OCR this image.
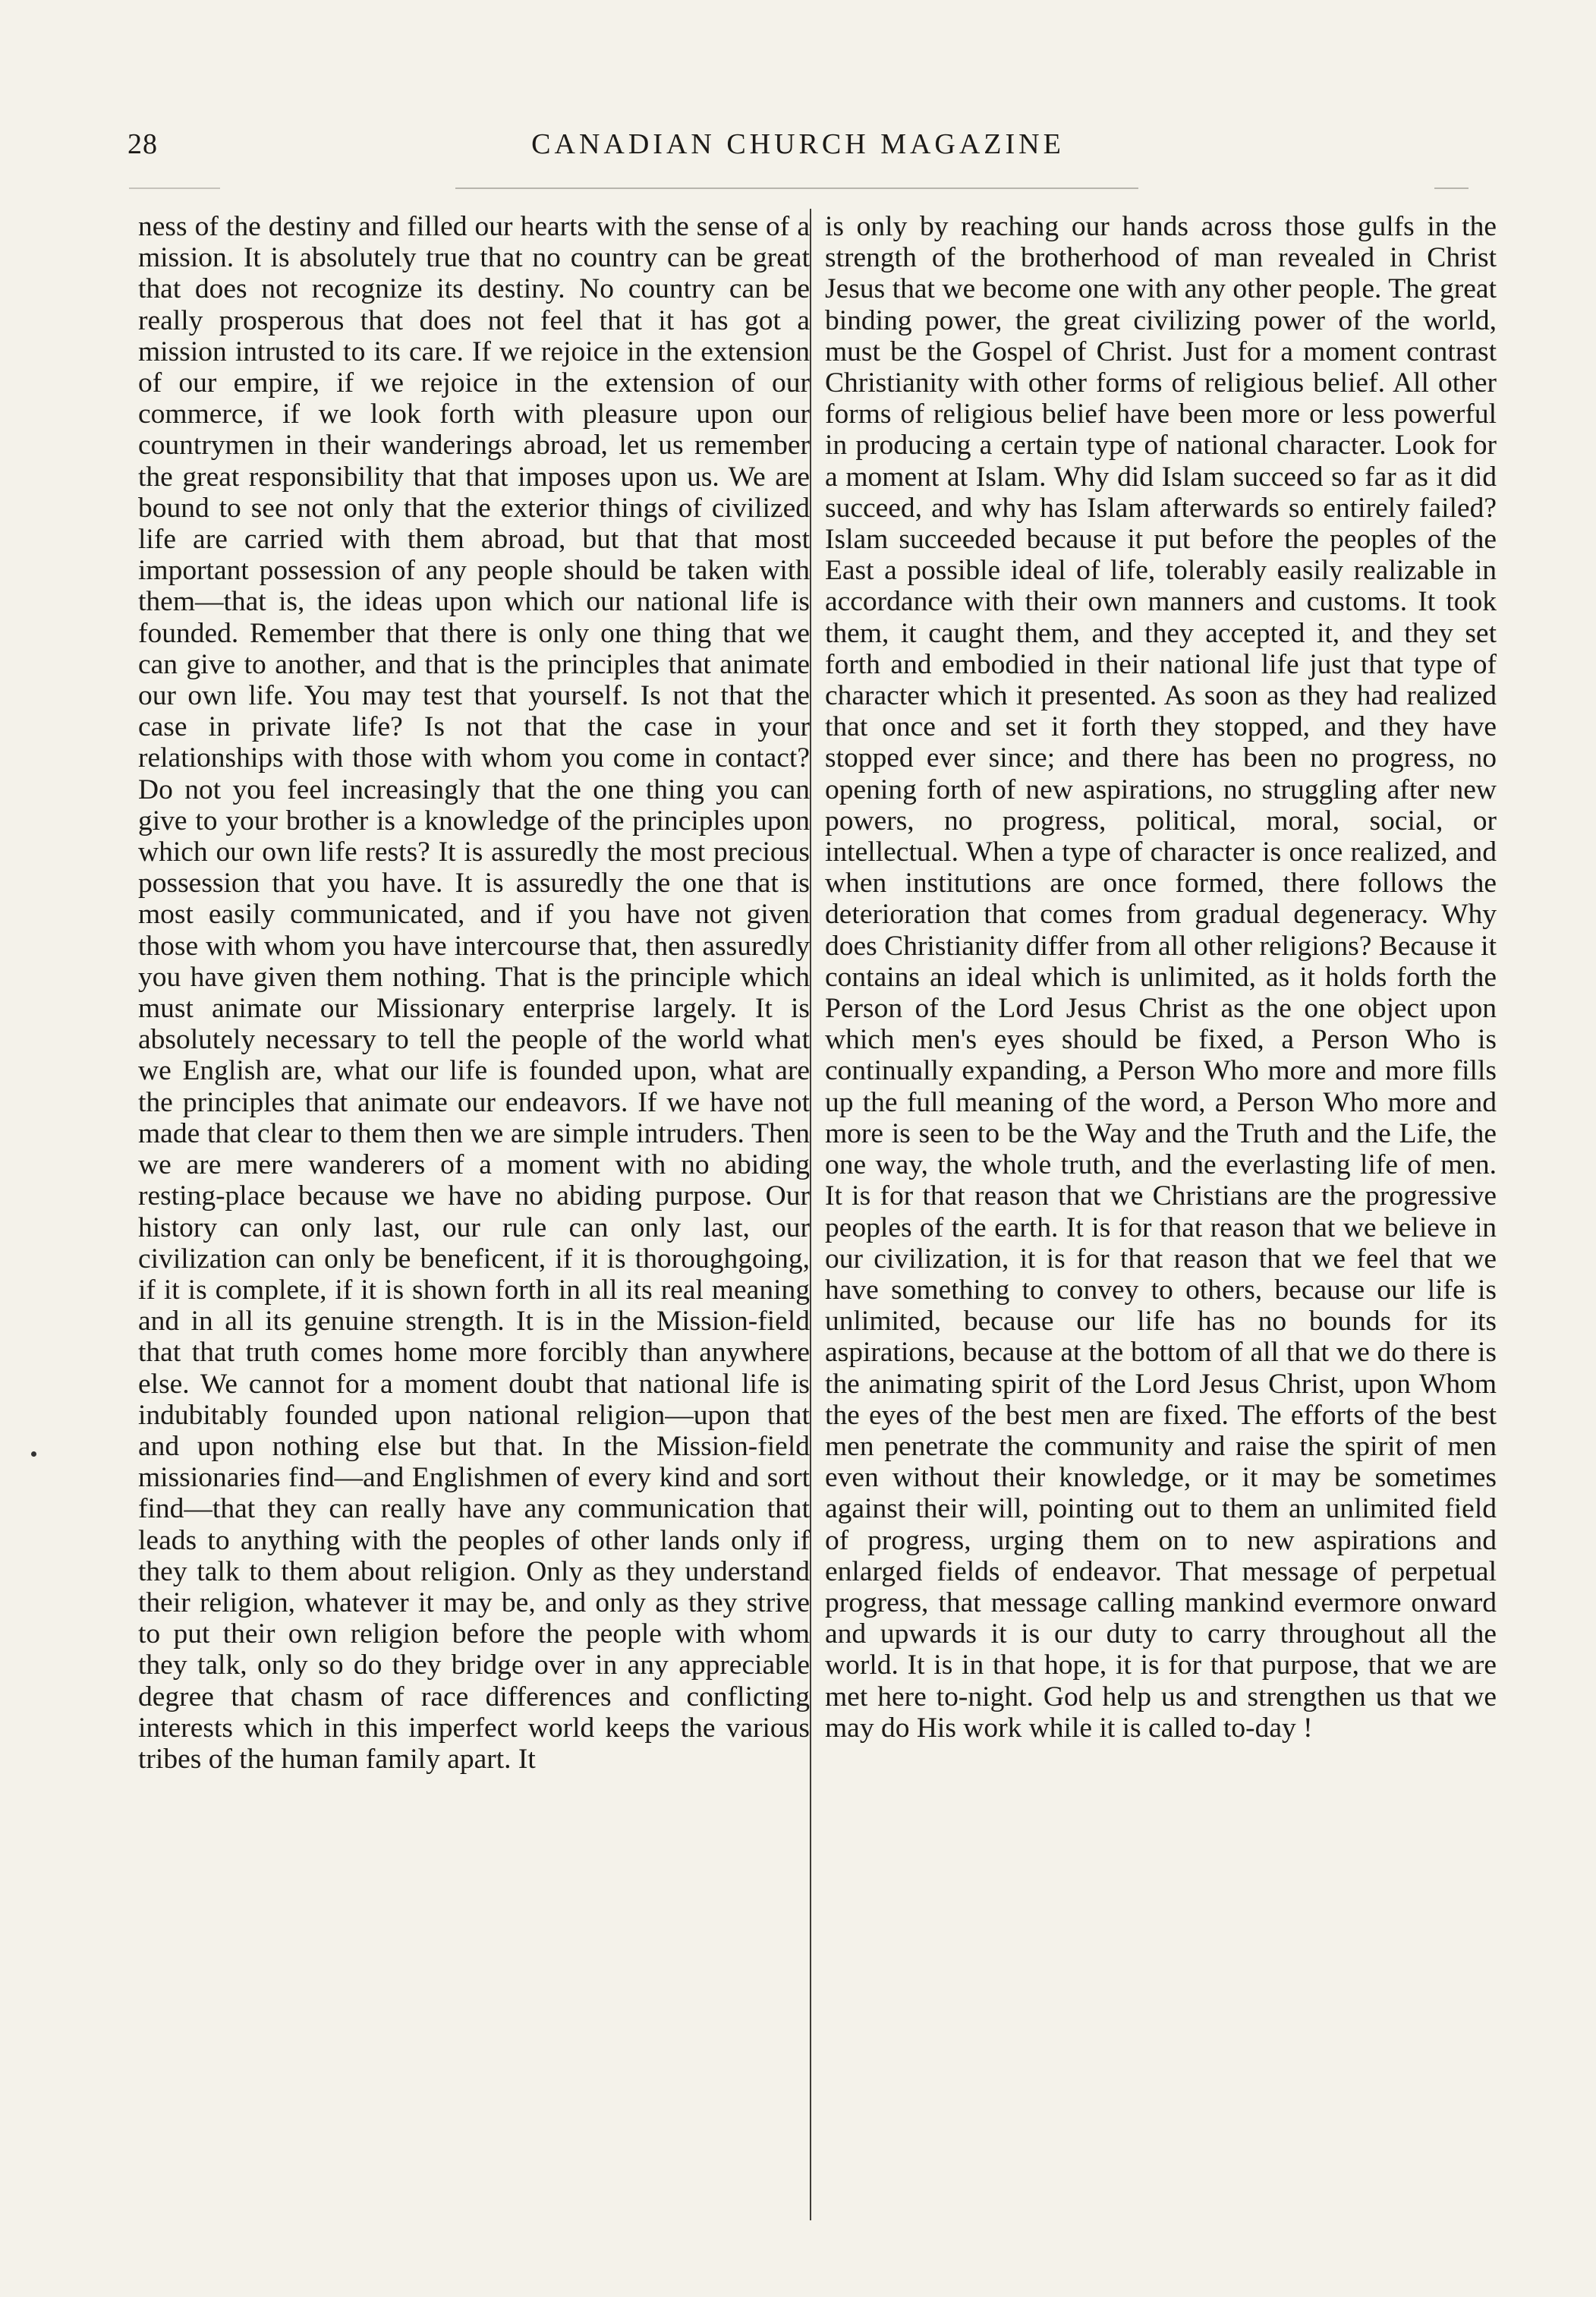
28	CANADIAN CHURCH MAGAZINE

ness of the destiny and filled our hearts with the sense of a mission. It is absolutely true that no country can be great that does not recognize its destiny. No country can be really prosperous that does not feel that it has got a mission intrusted to its care. If we rejoice in the extension of our empire, if we rejoice in the extension of our commerce, if we look forth with pleasure upon our countrymen in their wanderings abroad, let us remember the great responsibility that that imposes upon us. We are bound to see not only that the exterior things of civilized life are carried with them abroad, but that that most important possession of any people should be taken with them—that is, the ideas upon which our national life is founded. Remember that there is only one thing that we can give to another, and that is the principles that animate our own life. You may test that yourself. Is not that the case in private life? Is not that the case in your relationships with those with whom you come in contact? Do not you feel increasingly that the one thing you can give to your brother is a knowledge of the principles upon which our own life rests? It is assuredly the most precious possession that you have. It is assuredly the one that is most easily communicated, and if you have not given those with whom you have intercourse that, then assuredly you have given them nothing. That is the principle which must animate our Missionary enterprise largely. It is absolutely necessary to tell the people of the world what we English are, what our life is founded upon, what are the principles that animate our endeavors. If we have not made that clear to them then we are simple intruders. Then we are mere wanderers of a moment with no abiding resting-place because we have no abiding purpose. Our history can only last, our rule can only last, our civilization can only be beneficent, if it is thoroughgoing, if it is complete, if it is shown forth in all its real meaning and in all its genuine strength. It is in the Mission-field that that truth comes home more forcibly than anywhere else. We cannot for a moment doubt that national life is indubitably founded upon national religion—upon that and upon nothing else but that. In the Mission-field missionaries find—and Englishmen of every kind and sort find—that they can really have any communication that leads to anything with the peoples of other lands only if they talk to them about religion. Only as they understand their religion, whatever it may be, and only as they strive to put their own religion before the people with whom they talk, only so do they bridge over in any appreciable degree that chasm of race differences and conflicting interests which in this imperfect world keeps the various tribes of the human family apart. It

is only by reaching our hands across those gulfs in the strength of the brotherhood of man revealed in Christ Jesus that we become one with any other people. The great binding power, the great civilizing power of the world, must be the Gospel of Christ. Just for a moment contrast Christianity with other forms of religious belief. All other forms of religious belief have been more or less powerful in producing a certain type of national character. Look for a moment at Islam. Why did Islam succeed so far as it did succeed, and why has Islam afterwards so entirely failed? Islam succeeded because it put before the peoples of the East a possible ideal of life, tolerably easily realizable in accordance with their own manners and customs. It took them, it caught them, and they accepted it, and they set forth and embodied in their national life just that type of character which it presented. As soon as they had realized that once and set it forth they stopped, and they have stopped ever since; and there has been no progress, no opening forth of new aspirations, no struggling after new powers, no progress, political, moral, social, or intellectual. When a type of character is once realized, and when institutions are once formed, there follows the deterioration that comes from gradual degeneracy. Why does Christianity differ from all other religions? Because it contains an ideal which is unlimited, as it holds forth the Person of the Lord Jesus Christ as the one object upon which men's eyes should be fixed, a Person Who is continually expanding, a Person Who more and more fills up the full meaning of the word, a Person Who more and more is seen to be the Way and the Truth and the Life, the one way, the whole truth, and the everlasting life of men. It is for that reason that we Christians are the progressive peoples of the earth. It is for that reason that we believe in our civilization, it is for that reason that we feel that we have something to convey to others, because our life is unlimited, because our life has no bounds for its aspirations, because at the bottom of all that we do there is the animating spirit of the Lord Jesus Christ, upon Whom the eyes of the best men are fixed. The efforts of the best men penetrate the community and raise the spirit of men even without their knowledge, or it may be sometimes against their will, pointing out to them an unlimited field of progress, urging them on to new aspirations and enlarged fields of endeavor. That message of perpetual progress, that message calling mankind evermore onward and upwards it is our duty to carry throughout all the world. It is in that hope, it is for that purpose, that we are met here to-night. God help us and strengthen us that we may do His work while it is called to-day !
